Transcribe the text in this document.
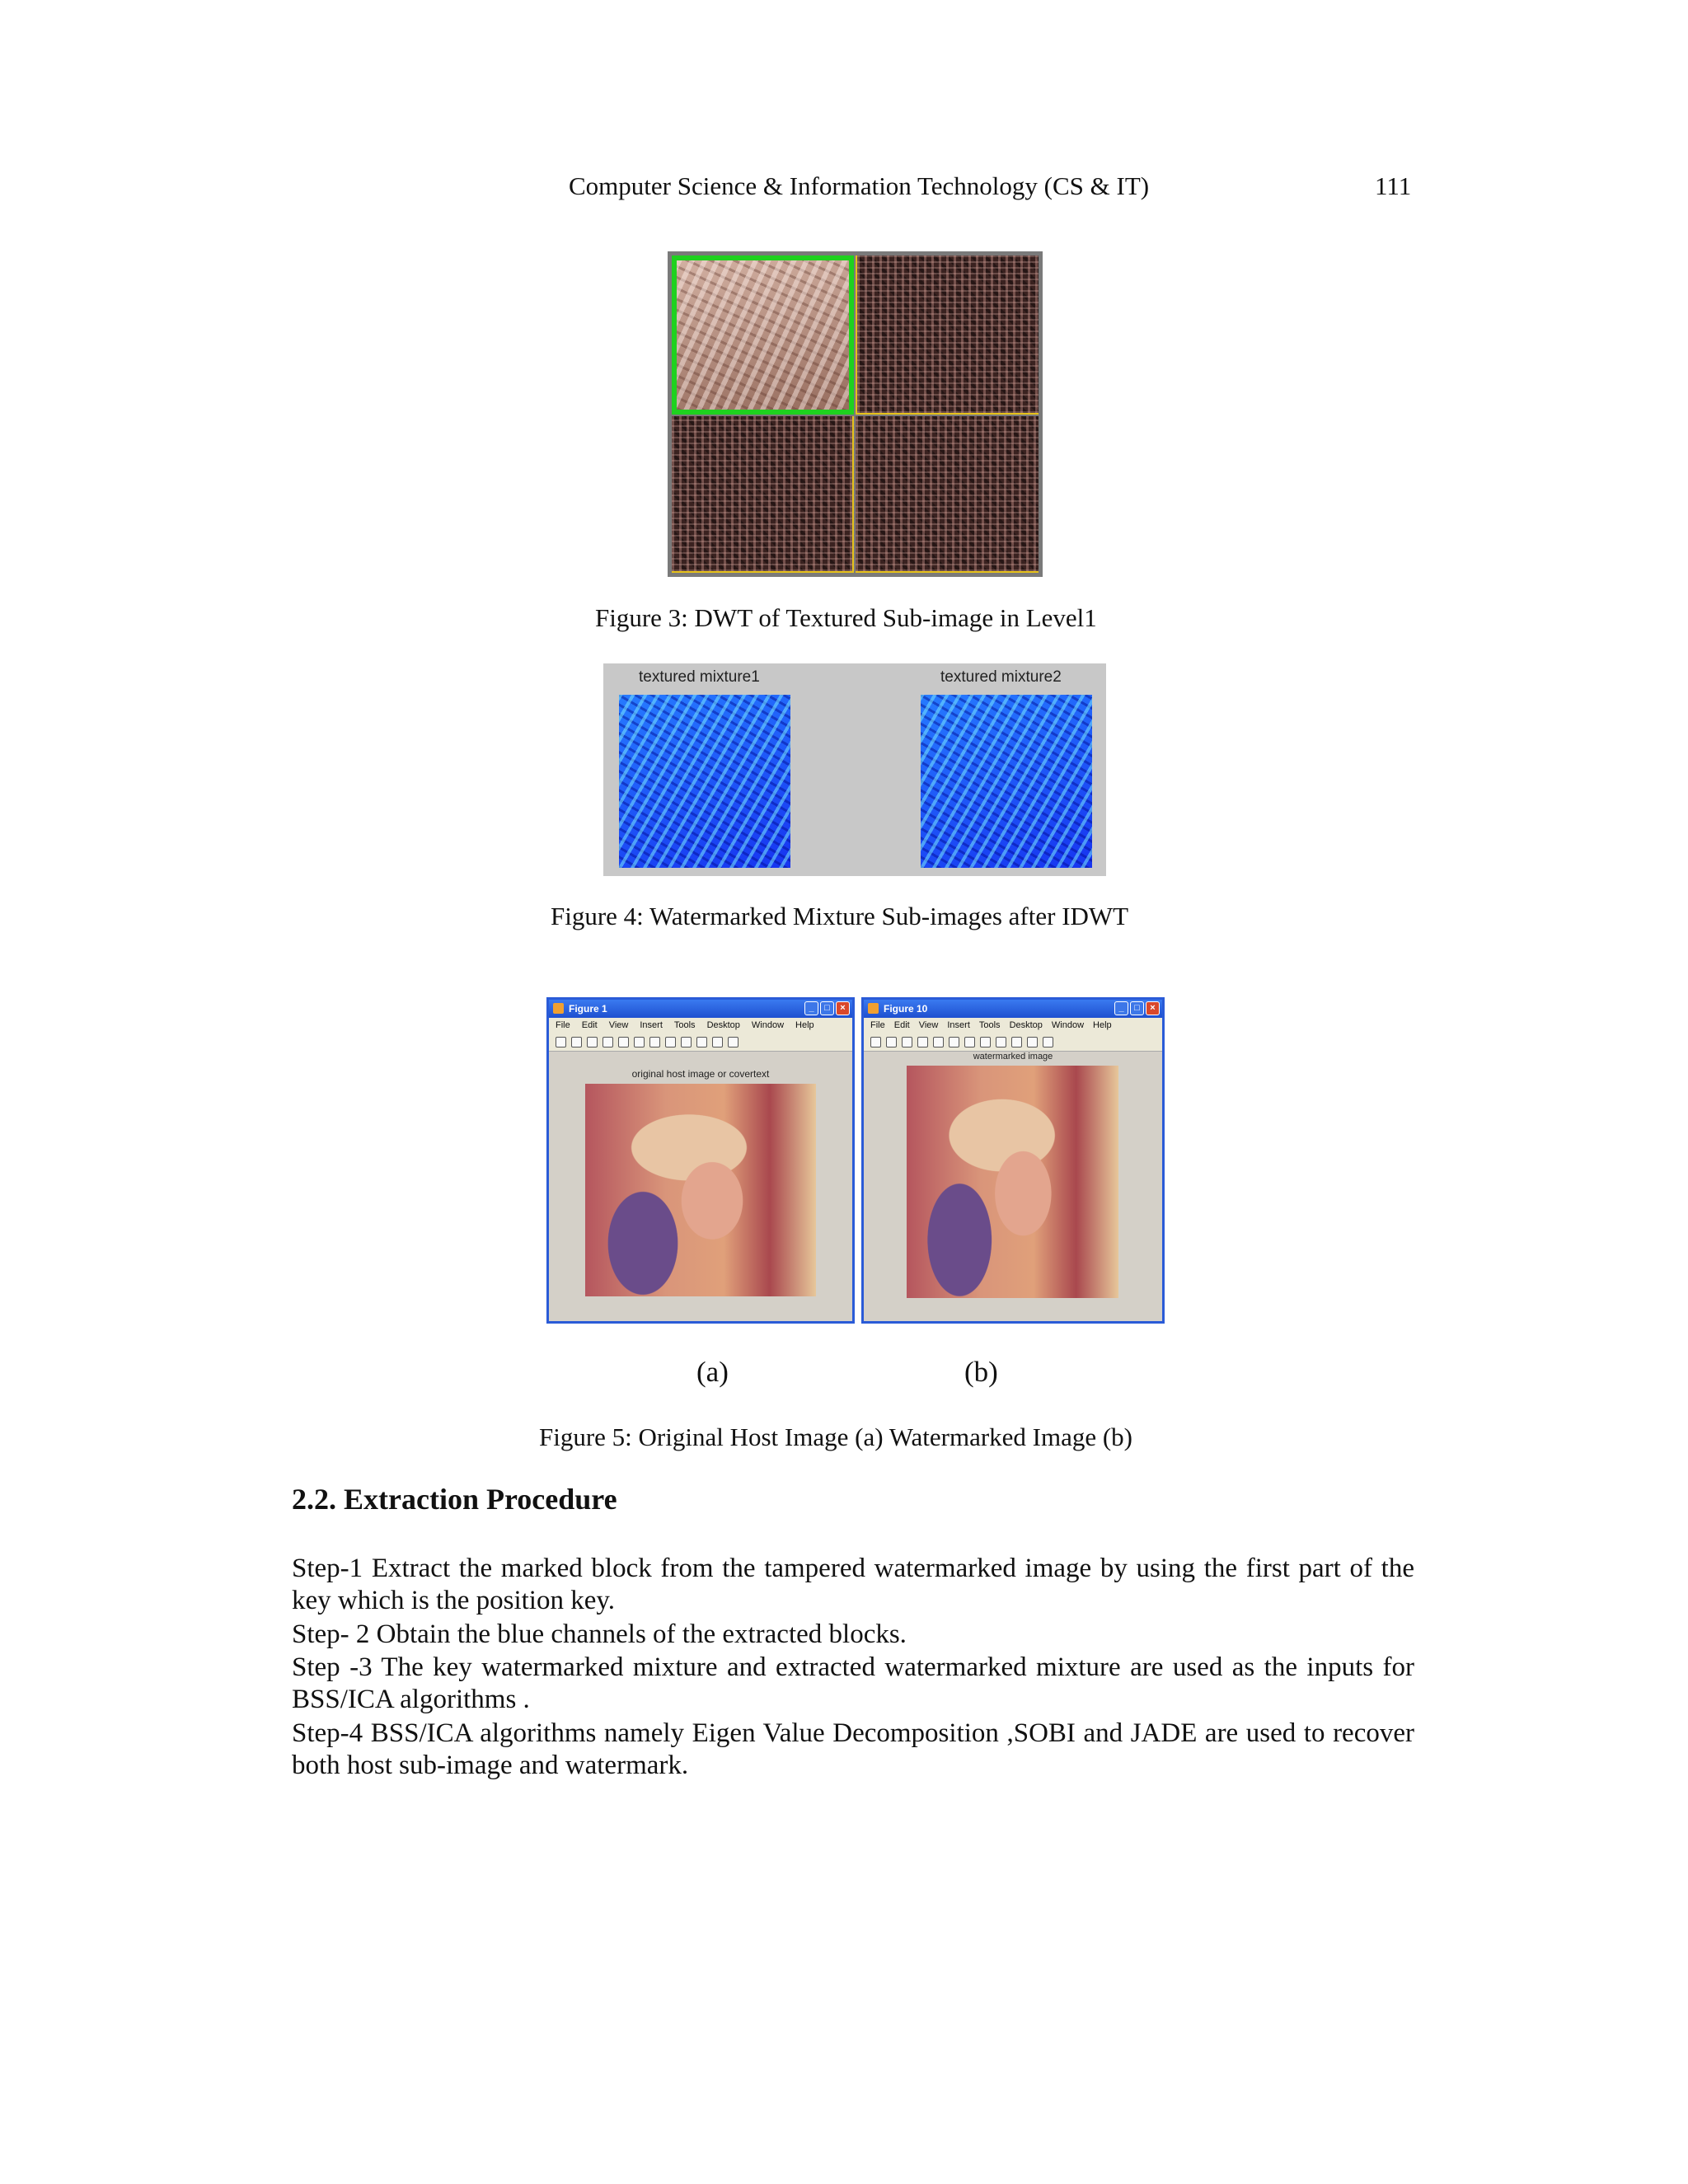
Computer Science & Information Technology (CS & IT)	111
Figure 3: DWT of Textured Sub-image in Level1
textured mixture1	textured mixture2
Figure 4: Watermarked Mixture Sub-images after IDWT
Figure 1	_	□	×
File Edit View Insert Tools Desktop Window Help
original host image or covertext
Figure 10	_	□	×
File Edit View Insert Tools Desktop Window Help
watermarked image
(a)	(b)
Figure 5: Original Host Image (a) Watermarked Image (b)
2.2. Extraction Procedure
Step-1 Extract the marked block from the tampered watermarked image by using the first part of the key which is the position key.
Step- 2 Obtain the blue channels of the extracted blocks.
Step -3 The key watermarked mixture and extracted watermarked mixture are used as the inputs for BSS/ICA algorithms .
Step-4 BSS/ICA algorithms namely Eigen Value Decomposition ,SOBI and JADE are used to recover both host sub-image and watermark.
